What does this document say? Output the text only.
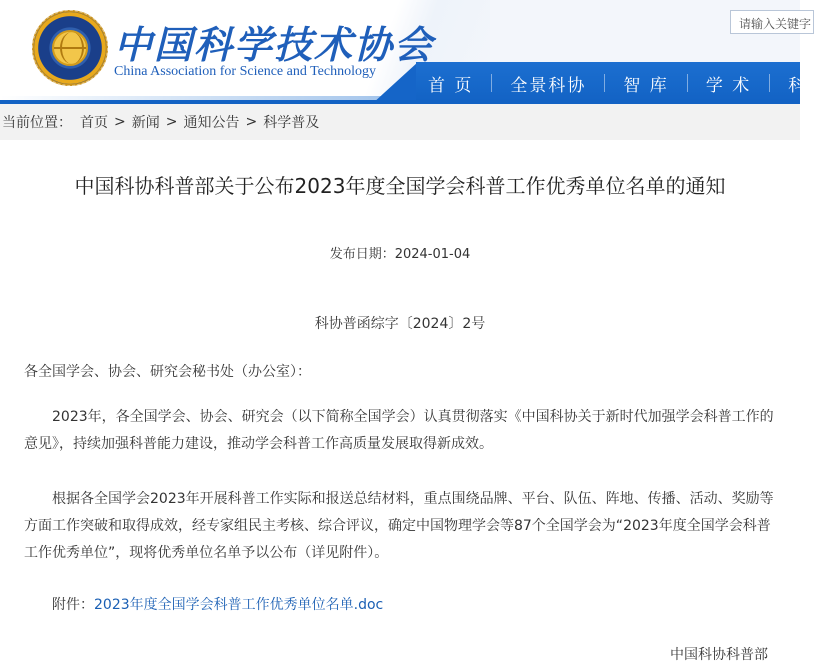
中国科学技术协会
China Association for Science and Technology
请输入关键字
首 页 全景科协 智 库 学 术 科
当前位置： 首页 > 新闻 > 通知公告 > 科学普及
中国科协科普部关于公布2023年度全国学会科普工作优秀单位名单的通知
发布日期：2024-01-04
科协普函综字〔2024〕2号
各全国学会、协会、研究会秘书处（办公室）：
2023年，各全国学会、协会、研究会（以下简称全国学会）认真贯彻落实《中国科协关于新时代加强学会科普工作的意见》，持续加强科普能力建设，推动学会科普工作高质量发展取得新成效。
根据各全国学会2023年开展科普工作实际和报送总结材料，重点围绕品牌、平台、队伍、阵地、传播、活动、奖励等方面工作突破和取得成效，经专家组民主考核、综合评议，确定中国物理学会等87个全国学会为“2023年度全国学会科普工作优秀单位”，现将优秀单位名单予以公布（详见附件）。
附件：2023年度全国学会科普工作优秀单位名单.doc
中国科协科普部
